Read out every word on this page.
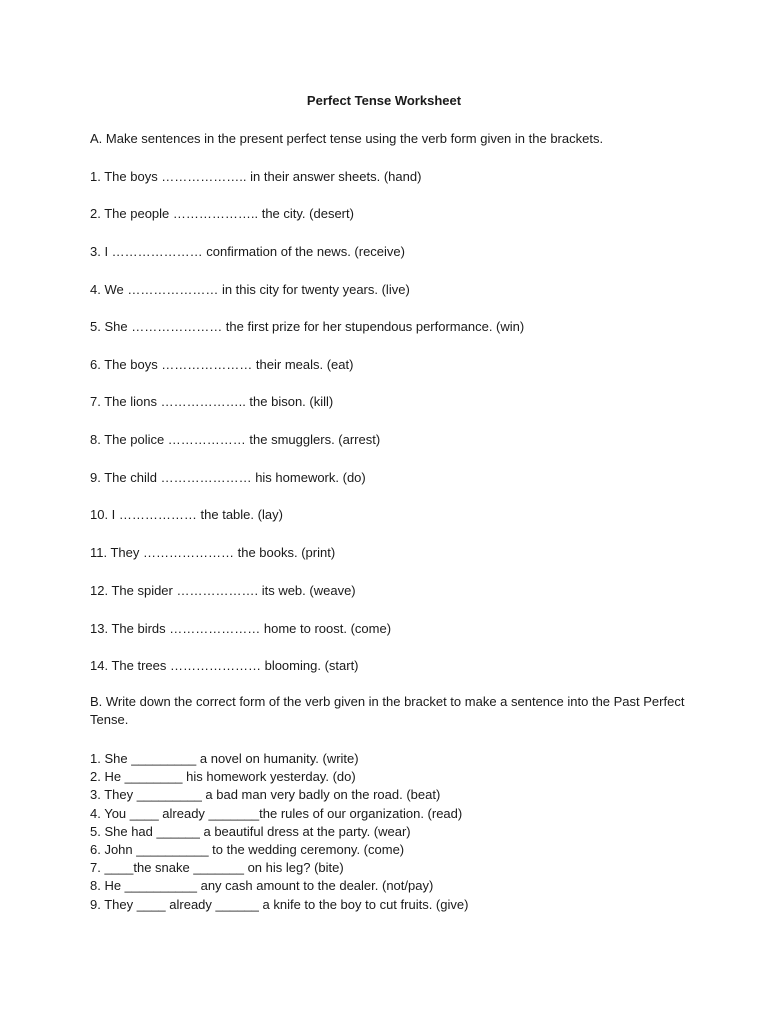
Perfect Tense Worksheet
A. Make sentences in the present perfect tense using the verb form given in the brackets.
1. The boys ……………….. in their answer sheets. (hand)
2. The people ……………….. the city. (desert)
3. I ………………… confirmation of the news. (receive)
4. We ………………… in this city for twenty years. (live)
5. She ………………… the first prize for her stupendous performance. (win)
6. The boys ………………… their meals. (eat)
7. The lions ……………….. the bison. (kill)
8. The police ……………… the smugglers. (arrest)
9. The child ………………… his homework. (do)
10. I ……………… the table. (lay)
11. They ………………… the books. (print)
12. The spider ………………. its web. (weave)
13. The birds ………………… home to roost. (come)
14. The trees ………………… blooming. (start)
B. Write down the correct form of the verb given in the bracket to make a sentence into the Past Perfect Tense.
1. She _________ a novel on humanity. (write)
2. He ________ his homework yesterday. (do)
3. They _________ a bad man very badly on the road. (beat)
4. You ____ already _______the rules of our organization. (read)
5. She had ______ a beautiful dress at the party. (wear)
6. John __________ to the wedding ceremony. (come)
7. ____the snake _______ on his leg? (bite)
8. He __________ any cash amount to the dealer. (not/pay)
9. They ____ already ______ a knife to the boy to cut fruits. (give)
